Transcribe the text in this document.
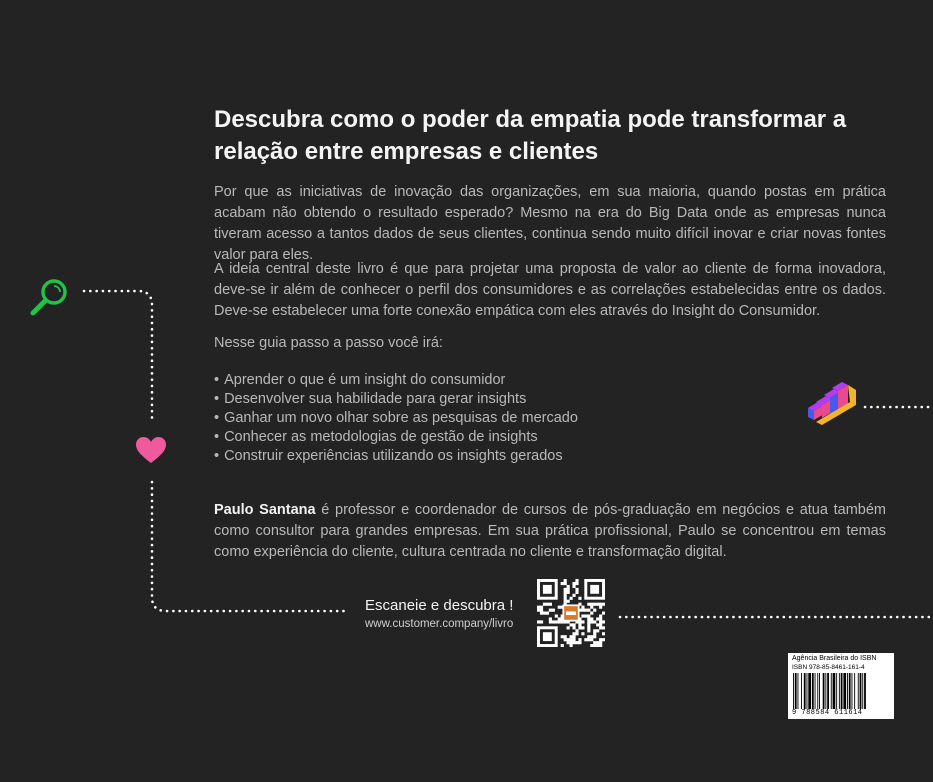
Descubra como o poder da empatia pode transformar a relação entre empresas e clientes

Por que as iniciativas de inovação das organizações, em sua maioria, quando postas em prática acabam não obtendo o resultado esperado? Mesmo na era do Big Data onde as empresas nunca tiveram acesso a tantos dados de seus clientes, continua sendo muito difícil inovar e criar novas fontes valor para eles.

A ideia central deste livro é que para projetar uma proposta de valor ao cliente de forma inovadora, deve-se ir além de conhecer o perfil dos consumidores e as correlações estabelecidas entre os dados. Deve-se estabelecer uma forte conexão empática com eles através do Insight do Consumidor.

Nesse guia passo a passo você irá:

• Aprender o que é um insight do consumidor
• Desenvolver sua habilidade para gerar insights
• Ganhar um novo olhar sobre as pesquisas de mercado
• Conhecer as metodologias de gestão de insights
• Construir experiências utilizando os insights gerados

Paulo Santana é professor e coordenador de cursos de pós-graduação em negócios e atua também como consultor para grandes empresas. Em sua prática profissional, Paulo se concentrou em temas como experiência do cliente, cultura centrada no cliente e transformação digital.

Escaneie e descubra !
www.customer.company/livro
Agência Brasileira do ISBN
ISBN 978-85-8461-161-4
9 788584 611614
